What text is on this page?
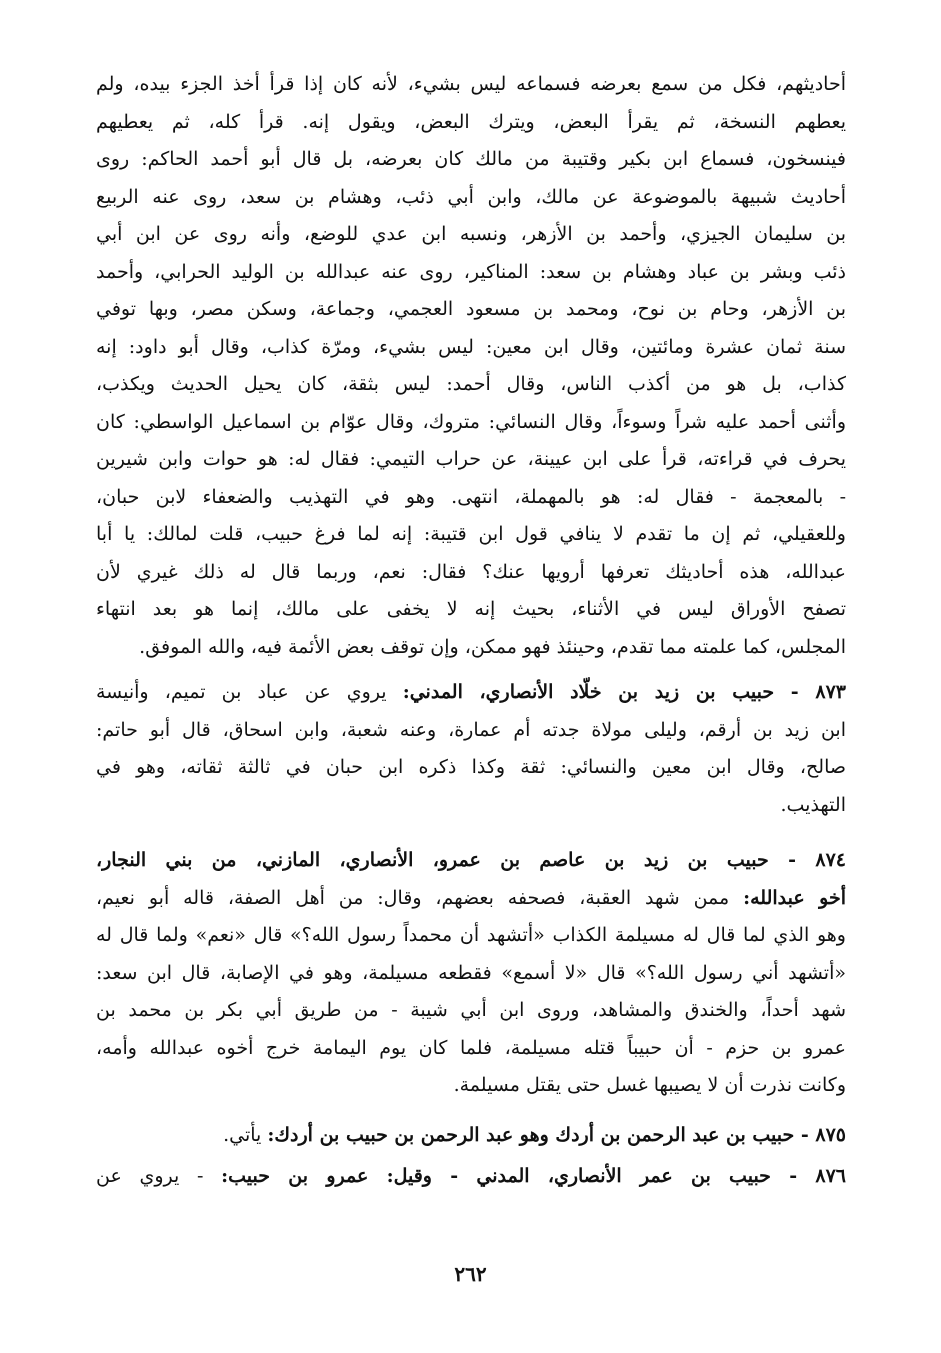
أحاديثهم، فكل من سمع بعرضه فسماعه ليس بشيء، لأنه كان إذا قرأ أخذ الجزء بيده، ولم
يعطهم النسخة، ثم يقرأ البعض، ويترك البعض، ويقول إنه. قرأ كله، ثم يعطيهم
فينسخون، فسماع ابن بكير وقتيبة من مالك كان بعرضه، بل قال أبو أحمد الحاكم: روى
أحاديث شبيهة بالموضوعة عن مالك، وابن أبي ذئب، وهشام بن سعد، روى عنه الربيع
بن سليمان الجيزي، وأحمد بن الأزهر، ونسبه ابن عدي للوضع، وأنه روى عن ابن أبي
ذئب وبشر بن عباد وهشام بن سعد: المناكير، روى عنه عبدالله بن الوليد الحرابي، وأحمد
بن الأزهر، وحام بن نوح، ومحمد بن مسعود العجمي، وجماعة، وسكن مصر، وبها توفي
سنة ثمان عشرة ومائتين، وقال ابن معين: ليس بشيء، ومرّة كذاب، وقال أبو داود: إنه
كذاب، بل هو من أكذب الناس، وقال أحمد: ليس بثقة، كان يحيل الحديث ويكذب،
وأثنى أحمد عليه شراً وسوءاً، وقال النسائي: متروك، وقال عوّام بن اسماعيل الواسطي: كان
يحرف في قراءته، قرأ على ابن عيينة، عن حراب التيمي: فقال له: هو حوات وابن شيرين
- بالمعجمة - فقال له: هو بالمهملة، انتهى. وهو في التهذيب والضعفاء لابن حبان،
وللعقيلي، ثم إن ما تقدم لا ينافي قول ابن قتيبة: إنه لما فرغ حبيب، قلت لمالك: يا أبا
عبدالله، هذه أحاديثك تعرفها أرويها عنك؟ فقال: نعم، وربما قال له ذلك غيري لأن
تصفح الأوراق ليس في الأثناء، بحيث إنه لا يخفى على مالك، إنما هو بعد انتهاء
المجلس، كما علمته مما تقدم، وحينئذ فهو ممكن، وإن توقف بعض الأئمة فيه، والله الموفق.
٨٧٣ - حبيب بن زيد بن خلّاد الأنصاري، المدني: يروي عن عباد بن تميم، وأنيسة
ابن زيد بن أرقم، وليلى مولاة جدته أم عمارة، وعنه شعبة، وابن اسحاق، قال أبو حاتم:
صالح، وقال ابن معين والنسائي: ثقة وكذا ذكره ابن حبان في ثالثة ثقاته، وهو في
التهذيب.
٨٧٤ - حبيب بن زيد بن عاصم بن عمرو، الأنصاري، المازني، من بني النجار،
أخو عبدالله: ممن شهد العقبة، فصحفه بعضهم، وقال: من أهل الصفة، قاله أبو نعيم،
وهو الذي لما قال له مسيلمة الكذاب «أتشهد أن محمداً رسول الله؟» قال «نعم» ولما قال له
«أتشهد أني رسول الله؟» قال «لا أسمع» فقطعه مسيلمة، وهو في الإصابة، قال ابن سعد:
شهد أحداً، والخندق والمشاهد، وروى ابن أبي شيبة - من طريق أبي بكر بن محمد بن
عمرو بن حزم - أن حبيباً قتله مسيلمة، فلما كان يوم اليمامة خرج أخوه عبدالله وأمه،
وكانت نذرت أن لا يصيبها غسل حتى يقتل مسيلمة.
٨٧٥ - حبيب بن عبد الرحمن بن أردك وهو عبد الرحمن بن حبيب بن أردك: يأتي.
٨٧٦ - حبيب بن عمر الأنصاري، المدني - وقيل: عمرو بن حبيب: - يروي عن
٢٦٢
